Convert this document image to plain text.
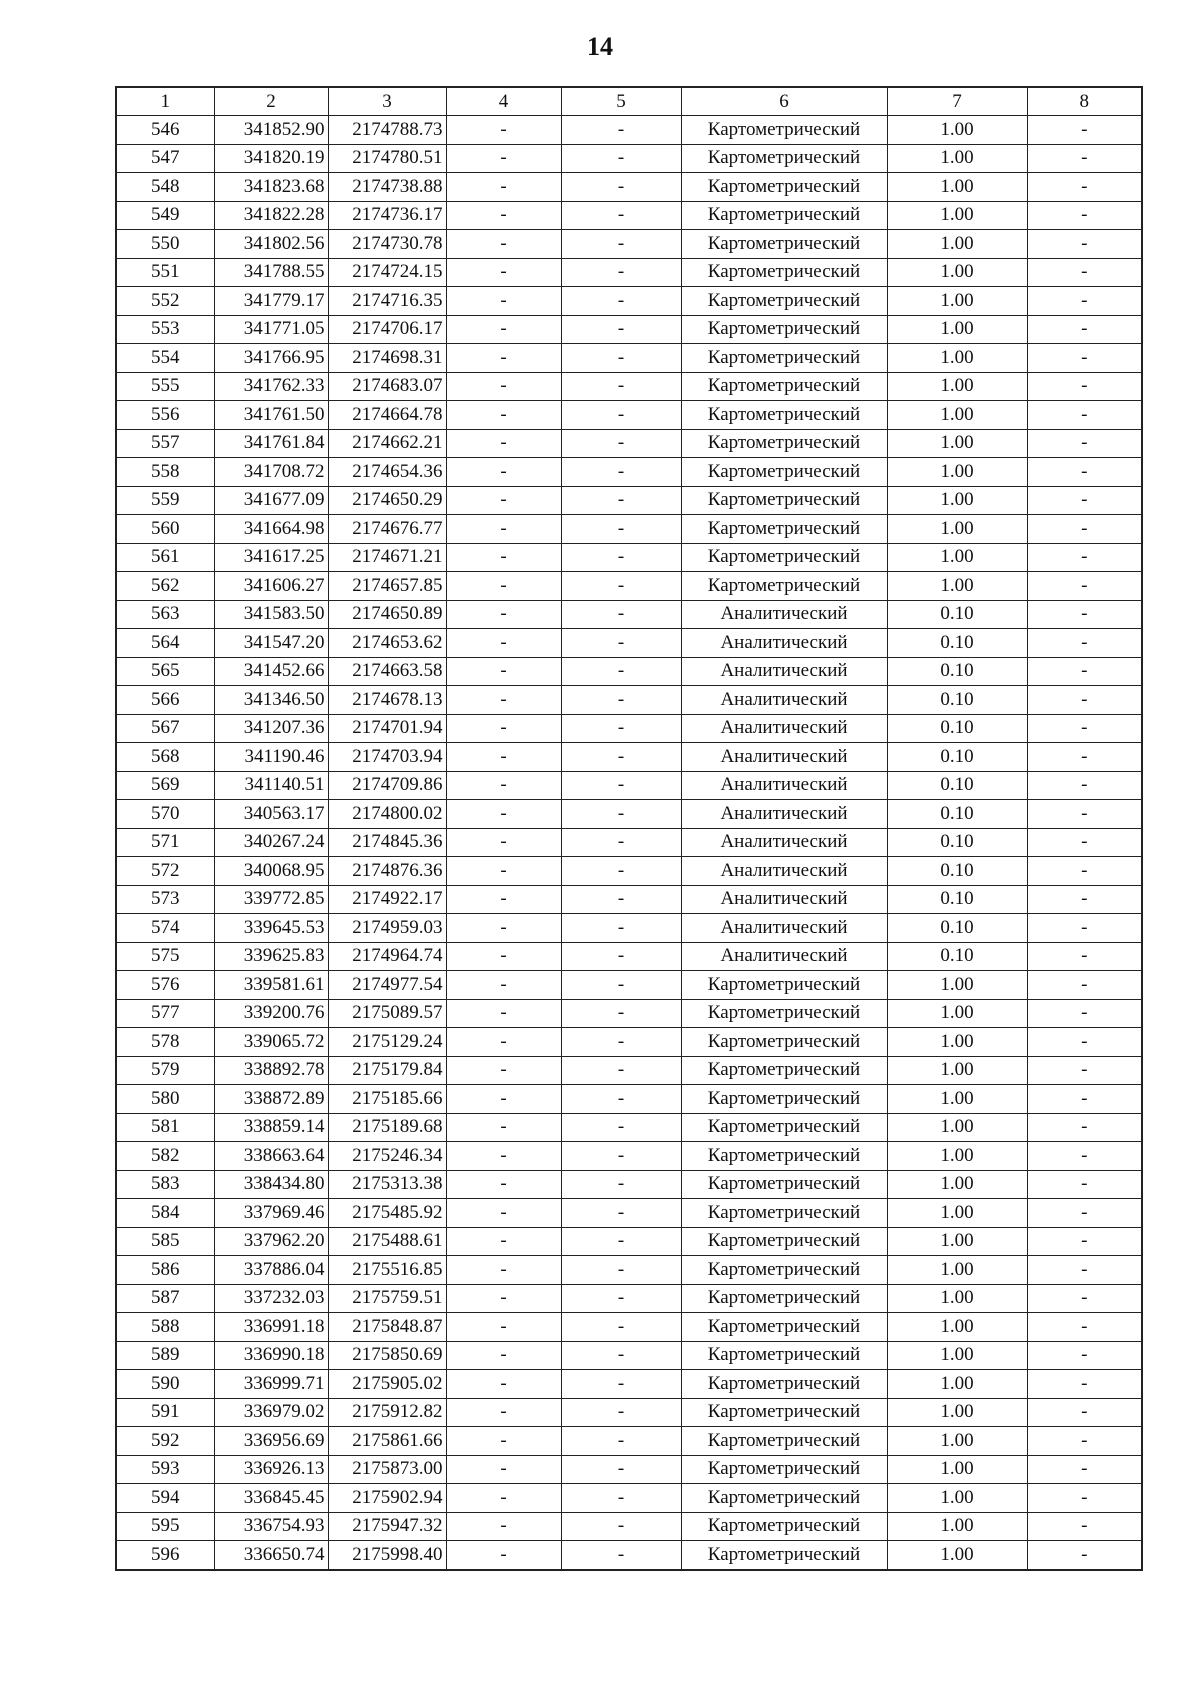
14
1	2	3	4	5	6	7	8
546	341852.90	2174788.73	-	-	Картометрический	1.00	-
547	341820.19	2174780.51	-	-	Картометрический	1.00	-
548	341823.68	2174738.88	-	-	Картометрический	1.00	-
549	341822.28	2174736.17	-	-	Картометрический	1.00	-
550	341802.56	2174730.78	-	-	Картометрический	1.00	-
551	341788.55	2174724.15	-	-	Картометрический	1.00	-
552	341779.17	2174716.35	-	-	Картометрический	1.00	-
553	341771.05	2174706.17	-	-	Картометрический	1.00	-
554	341766.95	2174698.31	-	-	Картометрический	1.00	-
555	341762.33	2174683.07	-	-	Картометрический	1.00	-
556	341761.50	2174664.78	-	-	Картометрический	1.00	-
557	341761.84	2174662.21	-	-	Картометрический	1.00	-
558	341708.72	2174654.36	-	-	Картометрический	1.00	-
559	341677.09	2174650.29	-	-	Картометрический	1.00	-
560	341664.98	2174676.77	-	-	Картометрический	1.00	-
561	341617.25	2174671.21	-	-	Картометрический	1.00	-
562	341606.27	2174657.85	-	-	Картометрический	1.00	-
563	341583.50	2174650.89	-	-	Аналитический	0.10	-
564	341547.20	2174653.62	-	-	Аналитический	0.10	-
565	341452.66	2174663.58	-	-	Аналитический	0.10	-
566	341346.50	2174678.13	-	-	Аналитический	0.10	-
567	341207.36	2174701.94	-	-	Аналитический	0.10	-
568	341190.46	2174703.94	-	-	Аналитический	0.10	-
569	341140.51	2174709.86	-	-	Аналитический	0.10	-
570	340563.17	2174800.02	-	-	Аналитический	0.10	-
571	340267.24	2174845.36	-	-	Аналитический	0.10	-
572	340068.95	2174876.36	-	-	Аналитический	0.10	-
573	339772.85	2174922.17	-	-	Аналитический	0.10	-
574	339645.53	2174959.03	-	-	Аналитический	0.10	-
575	339625.83	2174964.74	-	-	Аналитический	0.10	-
576	339581.61	2174977.54	-	-	Картометрический	1.00	-
577	339200.76	2175089.57	-	-	Картометрический	1.00	-
578	339065.72	2175129.24	-	-	Картометрический	1.00	-
579	338892.78	2175179.84	-	-	Картометрический	1.00	-
580	338872.89	2175185.66	-	-	Картометрический	1.00	-
581	338859.14	2175189.68	-	-	Картометрический	1.00	-
582	338663.64	2175246.34	-	-	Картометрический	1.00	-
583	338434.80	2175313.38	-	-	Картометрический	1.00	-
584	337969.46	2175485.92	-	-	Картометрический	1.00	-
585	337962.20	2175488.61	-	-	Картометрический	1.00	-
586	337886.04	2175516.85	-	-	Картометрический	1.00	-
587	337232.03	2175759.51	-	-	Картометрический	1.00	-
588	336991.18	2175848.87	-	-	Картометрический	1.00	-
589	336990.18	2175850.69	-	-	Картометрический	1.00	-
590	336999.71	2175905.02	-	-	Картометрический	1.00	-
591	336979.02	2175912.82	-	-	Картометрический	1.00	-
592	336956.69	2175861.66	-	-	Картометрический	1.00	-
593	336926.13	2175873.00	-	-	Картометрический	1.00	-
594	336845.45	2175902.94	-	-	Картометрический	1.00	-
595	336754.93	2175947.32	-	-	Картометрический	1.00	-
596	336650.74	2175998.40	-	-	Картометрический	1.00	-
